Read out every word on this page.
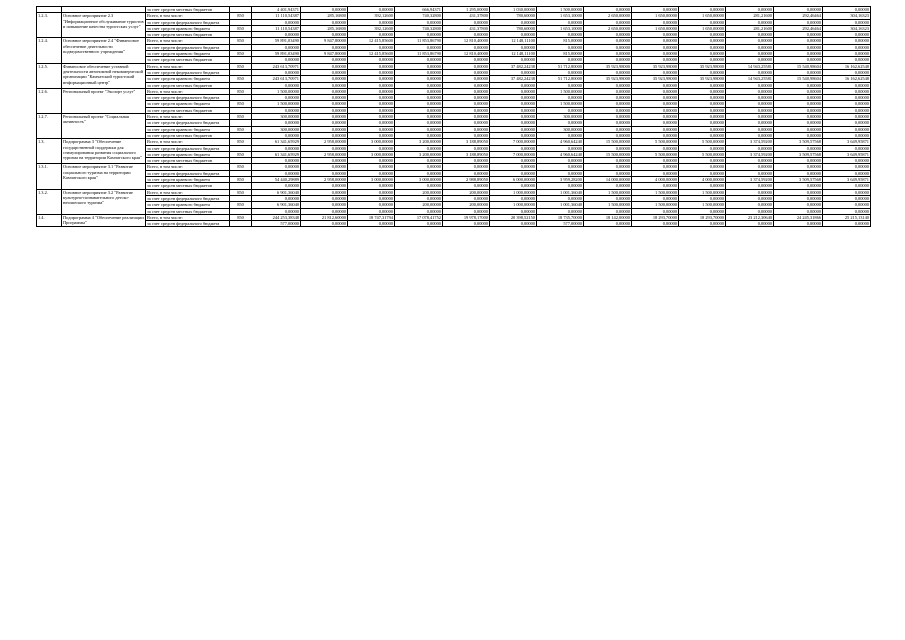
		за счет средств местных бюджетов		4 401,94371	0,00000	0,00000	666,94371	1 295,00000	1 030,00000	1 500,00000	0,00000	0,00000	0,00000	0,00000	0,00000	0,00000
1.2.3.	Основное мероприятие 2.3 "Информационное обслуживание туристов и повышение качества туристских услуг"	Всего, в том числе:	850	11 110,54387	285,16800	392,12600	740,32800	431,37800	780,60000	1 653,10000	2 650,00000	1 650,00000	1 650,00000	281,21600	292,46464	304,16323
		за счет средств федерального бюджета		0,00000	0,00000	0,00000	0,00000	0,00000	0,00000	0,00000	0,00000	0,00000	0,00000	0,00000	0,00000	0,00000
		за счет средств краевого бюджета	850	11 110,54387	285,16800	392,12600	740,32800	431,37800	780,60000	1 653,10000	2 650,00000	1 650,00000	1 650,00000	281,21600	292,46464	304,16323
		за счет средств местных бюджетов		0,00000	0,00000	0,00000	0,00000	0,00000	0,00000	0,00000	0,00000	0,00000	0,00000	0,00000	0,00000	0,00000
1.2.4.	Основное мероприятие 2.4 "Финансовое обеспечение деятельности подведомственного учреждения"	Всего, в том числе:	850	59 891,03490	9 847,80000	12 415,85600	11 853,86790	12 810,40000	12 148,11100	815,00000	0,00000	0,00000	0,00000	0,00000	0,00000	0,00000
		за счет средств федерального бюджета		0,00000	0,00000	0,00000	0,00000	0,00000	0,00000	0,00000	0,00000	0,00000	0,00000	0,00000	0,00000	0,00000
		за счет средств краевого бюджета	850	59 891,03490	9 847,80000	12 415,85600	11 853,86790	12 810,40000	12 148,11100	815,00000	0,00000	0,00000	0,00000	0,00000	0,00000	0,00000
		за счет средств местных бюджетов		0,00000	0,00000	0,00000	0,00000	0,00000	0,00000	0,00000	0,00000	0,00000	0,00000	0,00000	0,00000	0,00000
1.2.5.	Финансовое обеспечение уставной деятельности автономной некоммерческой организации "Камчатский туристский информационный центр"	Всего, в том числе:	850	243 613,70971	0,00000	0,00000	0,00000	0,00000	37 482,24238	51 712,80000	35 923,98000	35 923,98000	35 923,98000	14 943,25581	15 540,98604	16 162,62548
		за счет средств федерального бюджета		0,00000	0,00000	0,00000	0,00000	0,00000	0,00000	0,00000	0,00000	0,00000	0,00000	0,00000	0,00000	0,00000
		за счет средств краевого бюджета	850	243 613,70971	0,00000	0,00000	0,00000	0,00000	37 482,24238	51 712,80000	35 923,98000	35 923,98000	35 923,98000	14 943,25581	15 540,98604	16 162,62548
		за счет средств местных бюджетов		0,00000	0,00000	0,00000	0,00000	0,00000	0,00000	0,00000	0,00000	0,00000	0,00000	0,00000	0,00000	0,00000
1.2.6.	Региональный проект "Экспорт услуг"	Всего, в том числе:	850	1 500,00000	0,00000	0,00000	0,00000	0,00000	0,00000	1 500,00000	0,00000	0,00000	0,00000	0,00000	0,00000	0,00000
		за счет средств федерального бюджета		0,00000	0,00000	0,00000	0,00000	0,00000	0,00000	0,00000	0,00000	0,00000	0,00000	0,00000	0,00000	0,00000
		за счет средств краевого бюджета	850	1 500,00000	0,00000	0,00000	0,00000	0,00000	0,00000	1 500,00000	0,00000	0,00000	0,00000	0,00000	0,00000	0,00000
		за счет средств местных бюджетов		0,00000	0,00000	0,00000	0,00000	0,00000	0,00000	0,00000	0,00000	0,00000	0,00000	0,00000	0,00000	0,00000
1.2.7.	Региональный проект "Социальная активность"	Всего, в том числе:	850	300,00000	0,00000	0,00000	0,00000	0,00000	0,00000	300,00000	0,00000	0,00000	0,00000	0,00000	0,00000	0,00000
		за счет средств федерального бюджета		0,00000	0,00000	0,00000	0,00000	0,00000	0,00000	0,00000	0,00000	0,00000	0,00000	0,00000	0,00000	0,00000
		за счет средств краевого бюджета	850	300,00000	0,00000	0,00000	0,00000	0,00000	0,00000	300,00000	0,00000	0,00000	0,00000	0,00000	0,00000	0,00000
		за счет средств местных бюджетов		0,00000	0,00000	0,00000	0,00000	0,00000	0,00000	0,00000	0,00000	0,00000	0,00000	0,00000	0,00000	0,00000
1.3.	Подпрограмма 3 "Обеспечение государственной поддержки для стимулирования развития социального туризма на территории Камчатского края"	Всего, в том числе:	850	61 341,65929	2 958,00000	3 000,00000	3 200,00000	3 188,89050	7 000,00000	4 960,64240	15 500,00000	5 500,00000	5 500,00000	3 374,59200	3 509,57568	3 649,95871
		за счет средств федерального бюджета		0,00000	0,00000	0,00000	0,00000	0,00000	0,00000	0,00000	0,00000	0,00000	0,00000	0,00000	0,00000	0,00000
		за счет средств краевого бюджета	850	61 341,65929	2 958,00000	3 000,00000	3 200,00000	3 188,89050	7 000,00000	4 960,64240	15 500,00000	5 500,00000	5 500,00000	3 374,59200	3 509,57568	3 649,95871
		за счет средств местных бюджетов		0,00000	0,00000	0,00000	0,00000	0,00000	0,00000	0,00000	0,00000	0,00000	0,00000	0,00000	0,00000	0,00000
1.3.1.	Основное мероприятие 3.1 "Развитие социального туризма на территории Камчатского края"	Всего, в том числе:	850	0,00000	0,00000	0,00000	0,00000	0,00000	0,00000	0,00000	0,00000	0,00000	0,00000	0,00000	0,00000	0,00000
		за счет средств федерального бюджета		0,00000	0,00000	0,00000	0,00000	0,00000	0,00000	0,00000	0,00000	0,00000	0,00000	0,00000	0,00000	0,00000
		за счет средств краевого бюджета	850	54 440,29889	2 958,00000	3 000,00000	3 000,00000	2 988,89050	6 000,00000	3 959,28200	14 000,00000	4 000,00000	4 000,00000	3 374,59200	3 509,57568	3 649,95871
		за счет средств местных бюджетов		0,00000	0,00000	0,00000	0,00000	0,00000	0,00000	0,00000	0,00000	0,00000	0,00000	0,00000	0,00000	0,00000
1.3.2.	Основное мероприятие 3.2 "Развитие культурно-познавательного детско-юношеского туризма"	Всего, в том числе:	850	6 901,36040	0,00000	0,00000	200,00000	200,00000	1 000,00000	1 001,36040	1 500,00000	1 500,00000	1 500,00000	0,00000	0,00000	0,00000
		за счет средств федерального бюджета		0,00000	0,00000	0,00000	0,00000	0,00000	0,00000	0,00000	0,00000	0,00000	0,00000	0,00000	0,00000	0,00000
		за счет средств краевого бюджета	850	6 901,36040	0,00000	0,00000	200,00000	200,00000	1 000,00000	1 001,36040	1 500,00000	1 500,00000	1 500,00000	0,00000	0,00000	0,00000
		за счет средств местных бюджетов		0,00000	0,00000	0,00000	0,00000	0,00000	0,00000	0,00000	0,00000	0,00000	0,00000	0,00000	0,00000	0,00000
1.4.	Подпрограмма 4 "Обеспечение реализации Программы"	Всего, в том числе:	850	244 253,38348	21 812,60000	18 747,31794	17 078,41752	19 978,17000	20 398,52150	18 735,70000	18 142,00000	18 293,70000	18 293,70000	23 212,30640	24 245,31866	25 215,13140
		за счет средств федерального бюджета		577,00000	0,00000	0,00000	0,00000	0,00000	0,00000	577,00000	0,00000	0,00000	0,00000	0,00000	0,00000	0,00000
